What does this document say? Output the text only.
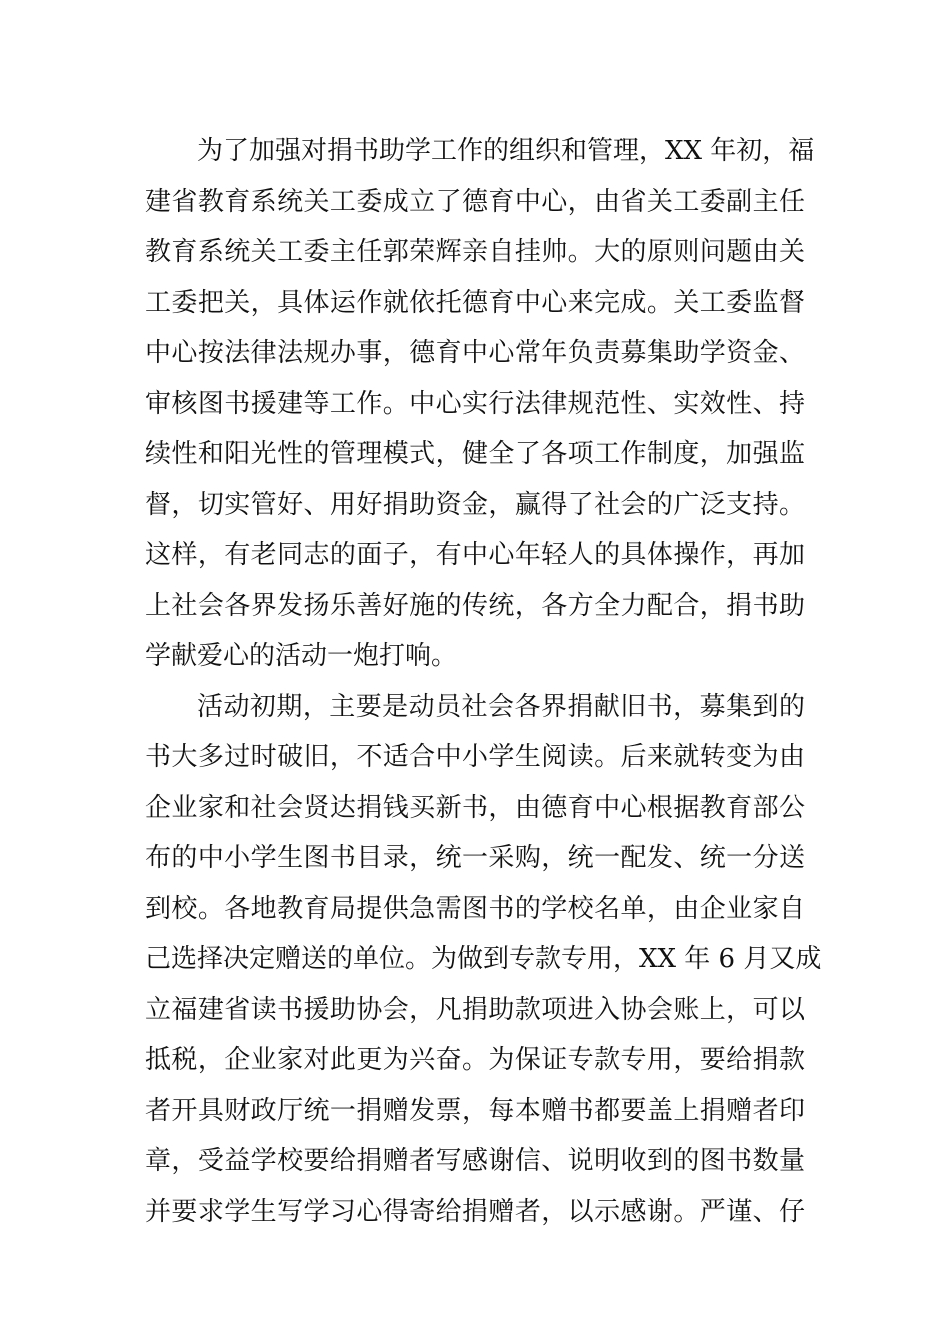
为了加强对捐书助学工作的组织和管理，XX 年初，福
建省教育系统关工委成立了德育中心，由省关工委副主任
教育系统关工委主任郭荣辉亲自挂帅。大的原则问题由关
工委把关，具体运作就依托德育中心来完成。关工委监督
中心按法律法规办事，德育中心常年负责募集助学资金、
审核图书援建等工作。中心实行法律规范性、实效性、持
续性和阳光性的管理模式，健全了各项工作制度，加强监
督，切实管好、用好捐助资金，赢得了社会的广泛支持。
这样，有老同志的面子，有中心年轻人的具体操作，再加
上社会各界发扬乐善好施的传统，各方全力配合，捐书助
学献爱心的活动一炮打响。
活动初期，主要是动员社会各界捐献旧书，募集到的
书大多过时破旧，不适合中小学生阅读。后来就转变为由
企业家和社会贤达捐钱买新书，由德育中心根据教育部公
布的中小学生图书目录，统一采购，统一配发、统一分送
到校。各地教育局提供急需图书的学校名单，由企业家自
己选择决定赠送的单位。为做到专款专用，XX 年 6 月又成
立福建省读书援助协会，凡捐助款项进入协会账上，可以
抵税，企业家对此更为兴奋。为保证专款专用，要给捐款
者开具财政厅统一捐赠发票，每本赠书都要盖上捐赠者印
章，受益学校要给捐赠者写感谢信、说明收到的图书数量
并要求学生写学习心得寄给捐赠者，以示感谢。严谨、仔
